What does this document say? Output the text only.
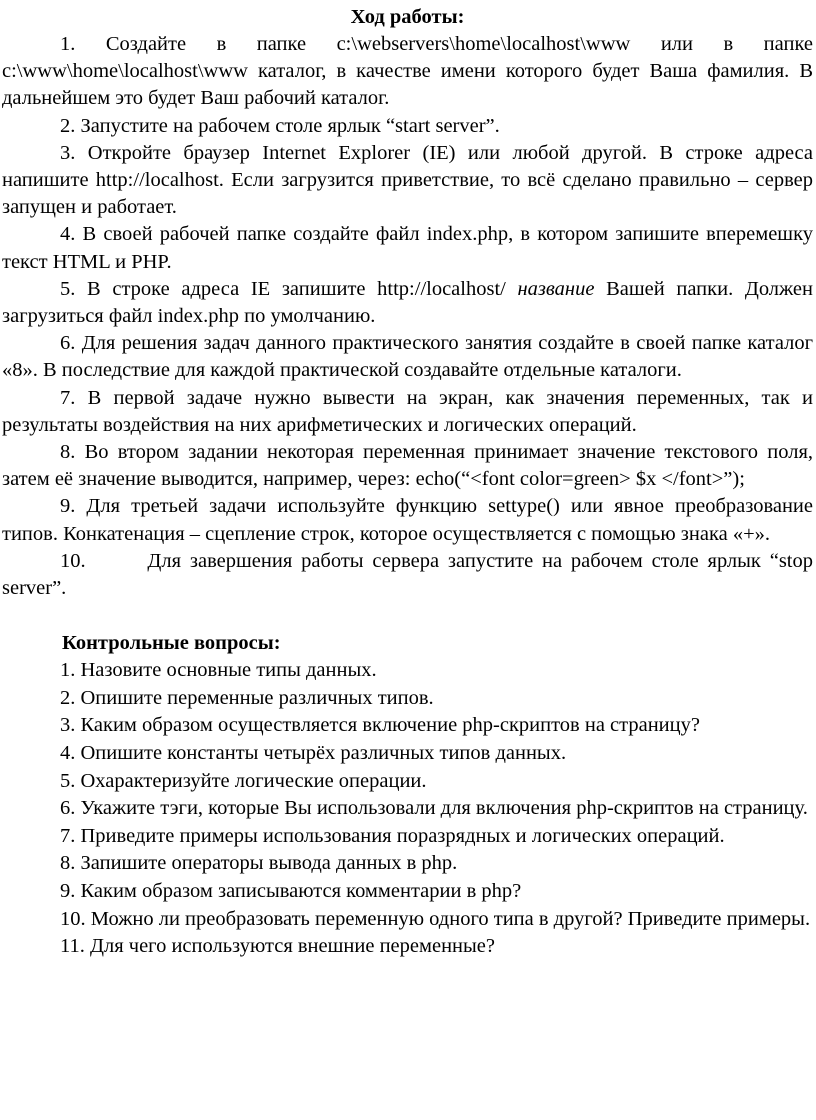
Ход работы:

1. Создайте в папке c:\webservers\home\localhost\www или в папке c:\www\home\localhost\www каталог, в качестве имени которого будет Ваша фамилия. В дальнейшем это будет Ваш рабочий каталог.

2. Запустите на рабочем столе ярлык “start server”.

3. Откройте браузер Internet Explorer (IE) или любой другой. В строке адреса напишите http://localhost. Если загрузится приветствие, то всё сделано правильно – сервер запущен и работает.

4. В своей рабочей папке создайте файл index.php, в котором запишите вперемешку текст HTML и PHP.

5. В строке адреса IE запишите http://localhost/ название Вашей папки. Должен загрузиться файл index.php по умолчанию.

6. Для решения задач данного практического занятия создайте в своей папке каталог «8». В последствие для каждой практической создавайте отдельные каталоги.

7. В первой задаче нужно вывести на экран, как значения переменных, так и результаты воздействия на них арифметических и логических операций.

8. Во втором задании некоторая переменная принимает значение текстового поля, затем её значение выводится, например, через: echo(“<font color=green> $x </font>”);

9. Для третьей задачи используйте функцию settype() или явное преобразование типов. Конкатенация – сцепление строк, которое осуществляется с помощью знака «+».

10.	Для завершения работы сервера запустите на рабочем столе ярлык “stop server”.

Контрольные вопросы:

1. Назовите основные типы данных.

2. Опишите переменные различных типов.

3. Каким образом осуществляется включение php-скриптов на страницу?

4. Опишите константы четырёх различных типов данных.

5. Охарактеризуйте логические операции.

6. Укажите тэги, которые Вы использовали для включения php-скриптов на страницу.

7. Приведите примеры использования поразрядных и логических операций.

8. Запишите операторы вывода данных в php.

9. Каким образом записываются комментарии в php?

10. Можно ли преобразовать переменную одного типа в другой? Приведите примеры.

11. Для чего используются внешние переменные?
